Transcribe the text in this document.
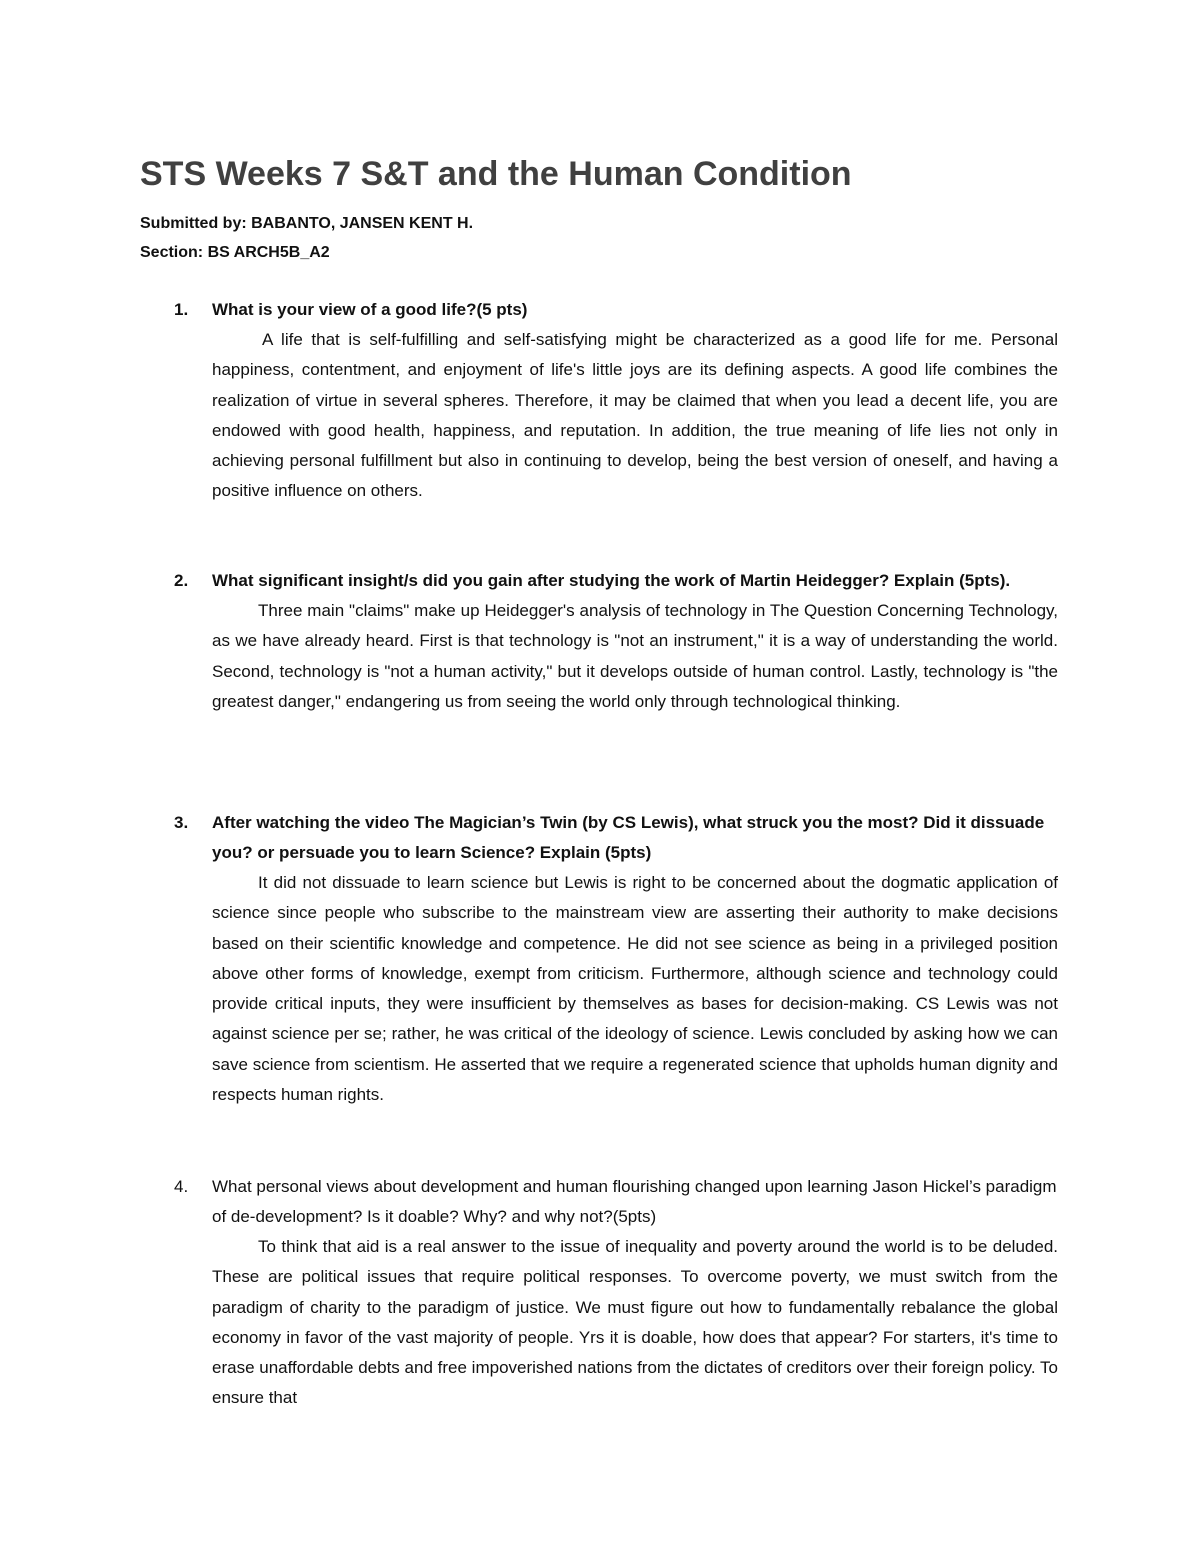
STS Weeks 7 S&T and the Human Condition
Submitted by: BABANTO, JANSEN KENT H.
Section: BS ARCH5B_A2
1. What is your view of a good life?(5 pts)

A life that is self-fulfilling and self-satisfying might be characterized as a good life for me. Personal happiness, contentment, and enjoyment of life's little joys are its defining aspects. A good life combines the realization of virtue in several spheres. Therefore, it may be claimed that when you lead a decent life, you are endowed with good health, happiness, and reputation. In addition, the true meaning of life lies not only in achieving personal fulfillment but also in continuing to develop, being the best version of oneself, and having a positive influence on others.

2. What significant insight/s did you gain after studying the work of Martin Heidegger? Explain (5pts).

Three main "claims" make up Heidegger's analysis of technology in The Question Concerning Technology, as we have already heard. First is that technology is "not an instrument," it is a way of understanding the world. Second, technology is "not a human activity," but it develops outside of human control. Lastly, technology is "the greatest danger," endangering us from seeing the world only through technological thinking.

3. After watching the video The Magician’s Twin (by CS Lewis), what struck you the most? Did it dissuade you? or persuade you to learn Science? Explain (5pts)

It did not dissuade to learn science but Lewis is right to be concerned about the dogmatic application of science since people who subscribe to the mainstream view are asserting their authority to make decisions based on their scientific knowledge and competence. He did not see science as being in a privileged position above other forms of knowledge, exempt from criticism. Furthermore, although science and technology could provide critical inputs, they were insufficient by themselves as bases for decision-making. CS Lewis was not against science per se; rather, he was critical of the ideology of science. Lewis concluded by asking how we can save science from scientism. He asserted that we require a regenerated science that upholds human dignity and respects human rights.

4. What personal views about development and human flourishing changed upon learning Jason Hickel’s paradigm of de-development? Is it doable? Why? and why not?(5pts)

To think that aid is a real answer to the issue of inequality and poverty around the world is to be deluded. These are political issues that require political responses. To overcome poverty, we must switch from the paradigm of charity to the paradigm of justice. We must figure out how to fundamentally rebalance the global economy in favor of the vast majority of people. Yrs it is doable, how does that appear? For starters, it's time to erase unaffordable debts and free impoverished nations from the dictates of creditors over their foreign policy. To ensure that
